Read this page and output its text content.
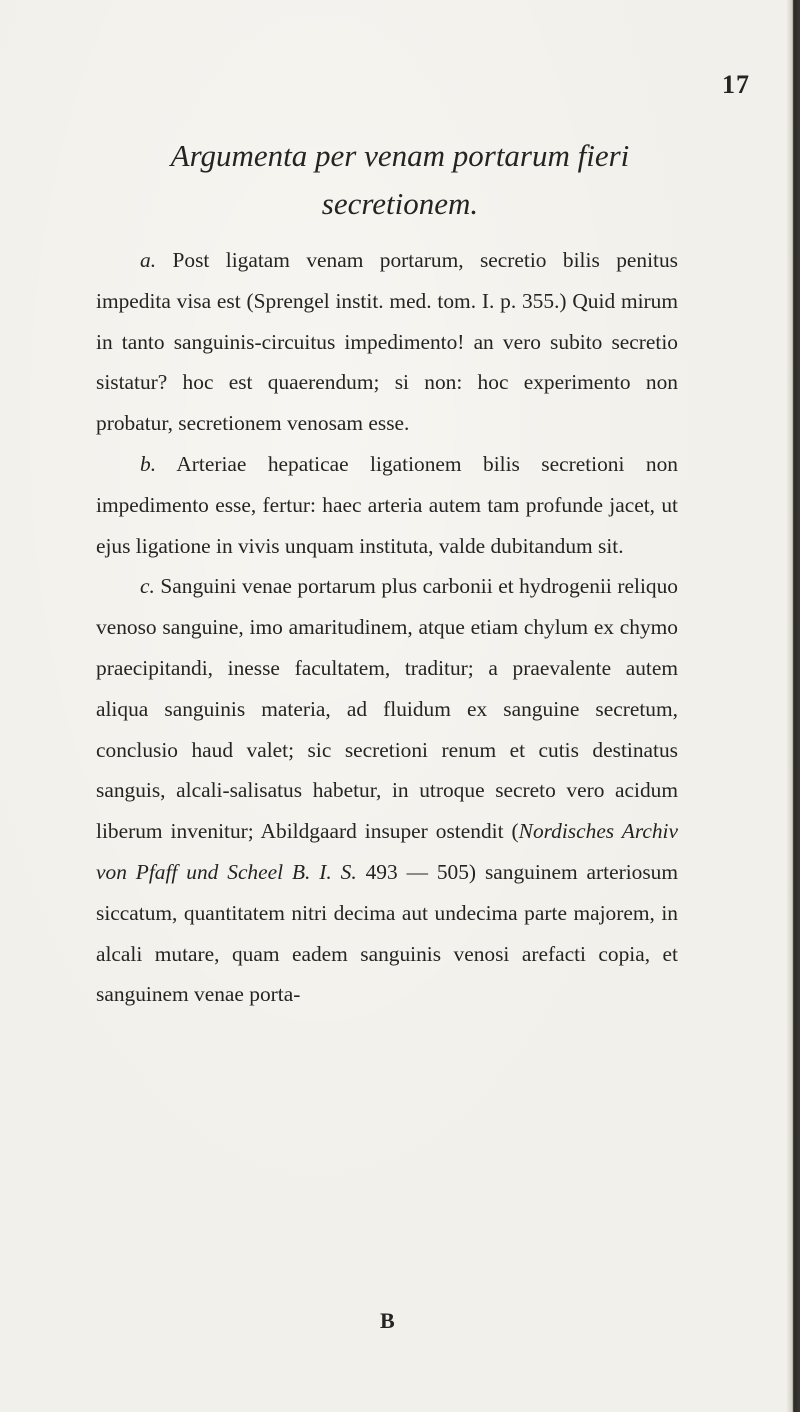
17
Argumenta per venam portarum fieri secretionem.

a. Post ligatam venam portarum, secretio bilis penitus impedita visa est (Sprengel instit. med. tom. I. p. 355.) Quid mirum in tanto sanguinis-circuitus impedimento! an vero subito secretio sistatur? hoc est quaerendum; si non: hoc experimento non probatur, secretionem venosam esse.

b. Arteriae hepaticae ligationem bilis secretioni non impedimento esse, fertur: haec arteria autem tam profunde jacet, ut ejus ligatione in vivis unquam instituta, valde dubitandum sit.

c. Sanguini venae portarum plus carbonii et hydrogenii reliquo venoso sanguine, imo amaritudinem, atque etiam chylum ex chymo praecipitandi, inesse facultatem, traditur; a praevalente autem aliqua sanguinis materia, ad fluidum ex sanguine secretum, conclusio haud valet; sic secretioni renum et cutis destinatus sanguis, alcali-salisatus habetur, in utroque secreto vero acidum liberum invenitur; Abildgaard insuper ostendit (Nordisches Archiv von Pfaff und Scheel B. I. S. 493 — 505) sanguinem arteriosum siccatum, quantitatem nitri decima aut undecima parte majorem, in alcali mutare, quam eadem sanguinis venosi arefacti copia, et sanguinem venae porta-

B
